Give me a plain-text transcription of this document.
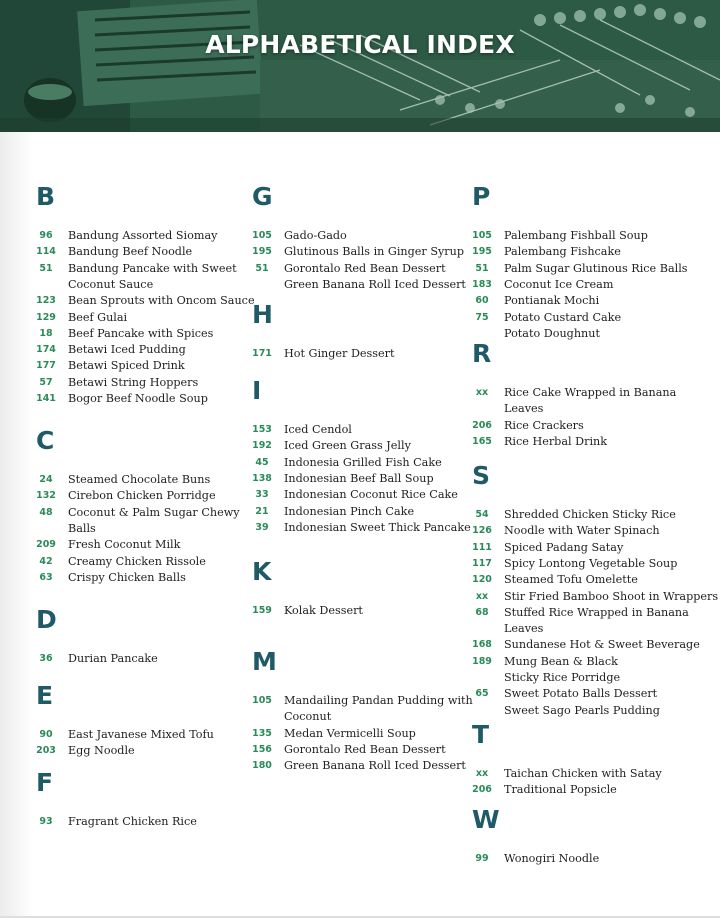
ALPHABETICAL INDEX
B
96	Bandung Assorted Siomay
114	Bandung Beef Noodle
51	Bandung Pancake with Sweet
Coconut Sauce
123	Bean Sprouts with Oncom Sauce
129	Beef Gulai
18	Beef Pancake with Spices
174	Betawi Iced Pudding
177	Betawi Spiced Drink
57	Betawi String Hoppers
141	Bogor Beef Noodle Soup
C
24	Steamed Chocolate Buns
132	Cirebon Chicken Porridge
48	Coconut & Palm Sugar Chewy
Balls
209	Fresh Coconut Milk
42	Creamy Chicken Rissole
63	Crispy Chicken Balls
D
36	Durian Pancake
E
90	East Javanese Mixed Tofu
203	Egg Noodle
F
93	Fragrant Chicken Rice
G
105	Gado-Gado
195	Glutinous Balls in Ginger Syrup
51	Gorontalo Red Bean Dessert
Green Banana Roll Iced Dessert
H
171	Hot Ginger Dessert
I
153	Iced Cendol
192	Iced Green Grass Jelly
45	Indonesia Grilled Fish Cake
138	Indonesian Beef Ball Soup
33	Indonesian Coconut Rice Cake
21	Indonesian Pinch Cake
39	Indonesian Sweet Thick Pancake
K
159	Kolak Dessert
M
105	Mandailing Pandan Pudding with
Coconut
135	Medan Vermicelli Soup
156	Gorontalo Red Bean Dessert
180	Green Banana Roll Iced Dessert
P
105	Palembang Fishball Soup
195	Palembang Fishcake
51	Palm Sugar Glutinous Rice Balls
183	Coconut Ice Cream
60	Pontianak Mochi
75	Potato Custard Cake
Potato Doughnut
R
xx	Rice Cake Wrapped in Banana
Leaves
206	Rice Crackers
165	Rice Herbal Drink
S
54	Shredded Chicken Sticky Rice
126	Noodle with Water Spinach
111	Spiced Padang Satay
117	Spicy Lontong Vegetable Soup
120	Steamed Tofu Omelette
xx	Stir Fried Bamboo Shoot in Wrappers
68	Stuffed Rice Wrapped in Banana
Leaves
168	Sundanese Hot & Sweet Beverage
189	Mung Bean & Black
Sticky Rice Porridge
65	Sweet Potato Balls Dessert
Sweet Sago Pearls Pudding
T
xx	Taichan Chicken with Satay
206	Traditional Popsicle
W
99	Wonogiri Noodle
